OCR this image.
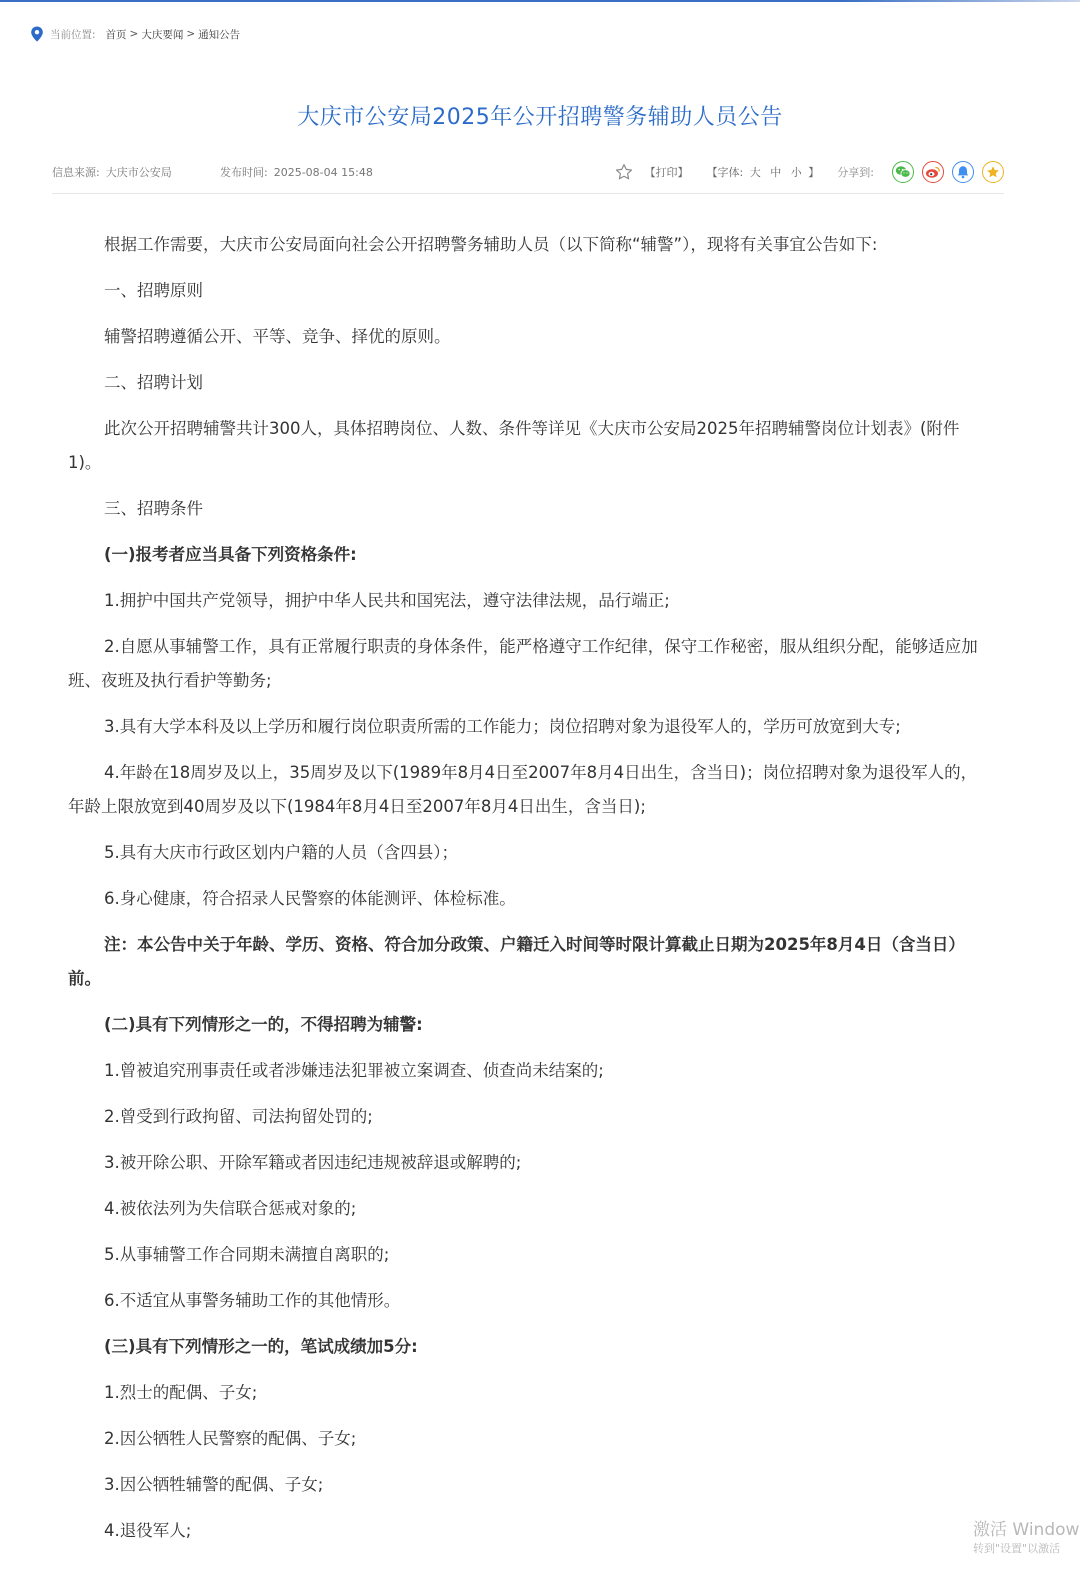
当前位置: 首页 > 大庆要闻 > 通知公告
大庆市公安局2025年公开招聘警务辅助人员公告
信息来源: 大庆市公安局	发布时间: 2025-08-04 15:48	【打印】 【字体: 大 中 小 】 分享到:

根据工作需要，大庆市公安局面向社会公开招聘警务辅助人员（以下简称“辅警”），现将有关事宜公告如下:

一、招聘原则

辅警招聘遵循公开、平等、竞争、择优的原则。

二、招聘计划

此次公开招聘辅警共计300人，具体招聘岗位、人数、条件等详见《大庆市公安局2025年招聘辅警岗位计划表》(附件1)。

三、招聘条件

(一)报考者应当具备下列资格条件:

1.拥护中国共产党领导，拥护中华人民共和国宪法，遵守法律法规，品行端正;

2.自愿从事辅警工作，具有正常履行职责的身体条件，能严格遵守工作纪律，保守工作秘密，服从组织分配，能够适应加班、夜班及执行看护等勤务;

3.具有大学本科及以上学历和履行岗位职责所需的工作能力；岗位招聘对象为退役军人的，学历可放宽到大专;

4.年龄在18周岁及以上，35周岁及以下(1989年8月4日至2007年8月4日出生，含当日)；岗位招聘对象为退役军人的，年龄上限放宽到40周岁及以下(1984年8月4日至2007年8月4日出生，含当日);

5.具有大庆市行政区划内户籍的人员（含四县）；

6.身心健康，符合招录人民警察的体能测评、体检标准。

注：本公告中关于年龄、学历、资格、符合加分政策、户籍迁入时间等时限计算截止日期为2025年8月4日（含当日）前。

(二)具有下列情形之一的，不得招聘为辅警:

1.曾被追究刑事责任或者涉嫌违法犯罪被立案调查、侦查尚未结案的;

2.曾受到行政拘留、司法拘留处罚的;

3.被开除公职、开除军籍或者因违纪违规被辞退或解聘的;

4.被依法列为失信联合惩戒对象的;

5.从事辅警工作合同期未满擅自离职的;

6.不适宜从事警务辅助工作的其他情形。

(三)具有下列情形之一的，笔试成绩加5分:

1.烈士的配偶、子女;

2.因公牺牲人民警察的配偶、子女;

3.因公牺牲辅警的配偶、子女;

4.退役军人;	激活 Window
转到"设置"以激活
